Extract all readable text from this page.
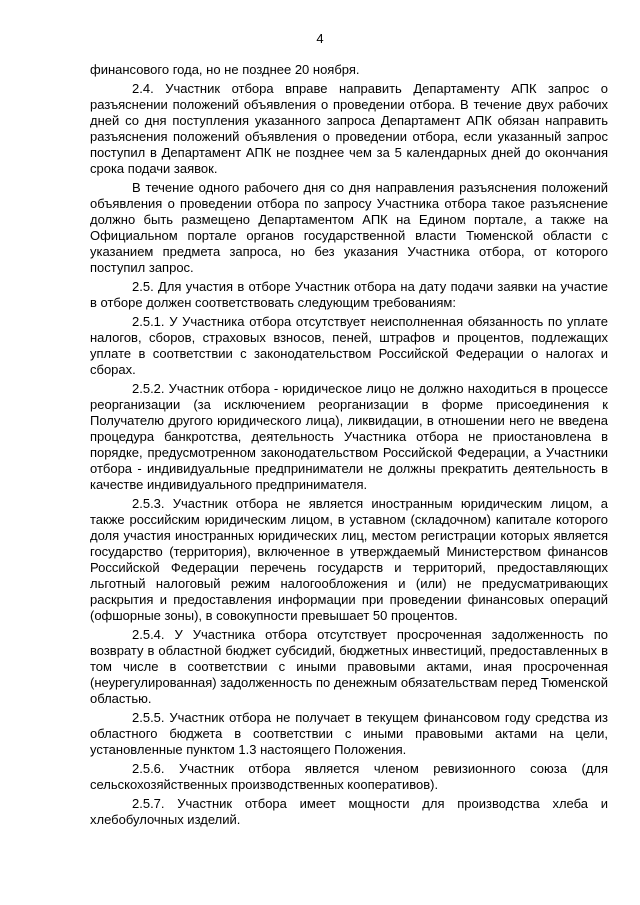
4

финансового года, но не позднее 20 ноября.

2.4. Участник отбора вправе направить Департаменту АПК запрос о разъяснении положений объявления о проведении отбора. В течение двух рабочих дней со дня поступления указанного запроса Департамент АПК обязан направить разъяснения положений объявления о проведении отбора, если указанный запрос поступил в Департамент АПК не позднее чем за 5 календарных дней до окончания срока подачи заявок.

В течение одного рабочего дня со дня направления разъяснения положений объявления о проведении отбора по запросу Участника отбора такое разъяснение должно быть размещено Департаментом АПК на Едином портале, а также на Официальном портале органов государственной власти Тюменской области с указанием предмета запроса, но без указания Участника отбора, от которого поступил запрос.

2.5. Для участия в отборе Участник отбора на дату подачи заявки на участие в отборе должен соответствовать следующим требованиям:

2.5.1. У Участника отбора отсутствует неисполненная обязанность по уплате налогов, сборов, страховых взносов, пеней, штрафов и процентов, подлежащих уплате в соответствии с законодательством Российской Федерации о налогах и сборах.

2.5.2. Участник отбора - юридическое лицо не должно находиться в процессе реорганизации (за исключением реорганизации в форме присоединения к Получателю другого юридического лица), ликвидации, в отношении него не введена процедура банкротства, деятельность Участника отбора не приостановлена в порядке, предусмотренном законодательством Российской Федерации, а Участники отбора - индивидуальные предприниматели не должны прекратить деятельность в качестве индивидуального предпринимателя.

2.5.3. Участник отбора не является иностранным юридическим лицом, а также российским юридическим лицом, в уставном (складочном) капитале которого доля участия иностранных юридических лиц, местом регистрации которых является государство (территория), включенное в утверждаемый Министерством финансов Российской Федерации перечень государств и территорий, предоставляющих льготный налоговый режим налогообложения и (или) не предусматривающих раскрытия и предоставления информации при проведении финансовых операций (офшорные зоны), в совокупности превышает 50 процентов.

2.5.4. У Участника отбора отсутствует просроченная задолженность по возврату в областной бюджет субсидий, бюджетных инвестиций, предоставленных в том числе в соответствии с иными правовыми актами, иная просроченная (неурегулированная) задолженность по денежным обязательствам перед Тюменской областью.

2.5.5. Участник отбора не получает в текущем финансовом году средства из областного бюджета в соответствии с иными правовыми актами на цели, установленные пунктом 1.3 настоящего Положения.

2.5.6. Участник отбора является членом ревизионного союза (для сельскохозяйственных производственных кооперативов).

2.5.7. Участник отбора имеет мощности для производства хлеба и хлебобулочных изделий.
